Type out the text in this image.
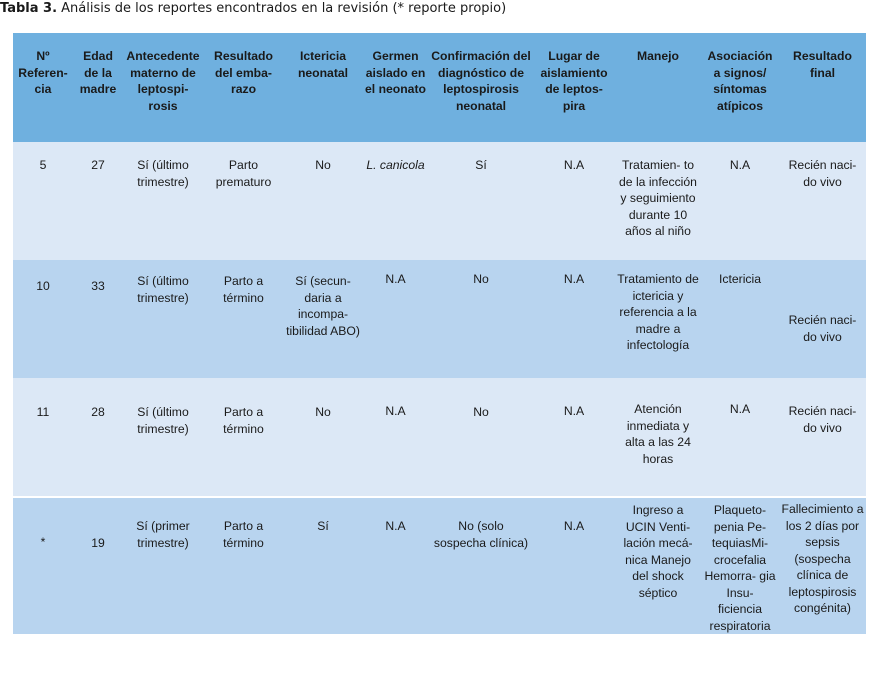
Tabla 3. Análisis de los reportes encontrados en la revisión (* reporte propio)
Nº Referen- cia	Edad de la madre	Antecedente materno de leptospi- rosis	Resultado del emba- razo	Ictericia neonatal	Germen aislado en el neonato	Confirmación del diagnóstico de leptospirosis neonatal	Lugar de aislamiento de leptos- pira	Manejo	Asociación a signos/ síntomas atípicos	Resultado final
5	27	Sí (último trimestre)	Parto prematuro	No	L. canicola	Sí	N.A	Tratamien- to de la infección y seguimiento durante 10 años al niño	N.A	Recién naci- do vivo
10	33	Sí (último trimestre)	Parto a término	Sí (secun- daria a incompa- tibilidad ABO)	N.A	No	N.A	Tratamiento de ictericia y referencia a la madre a infectología	Ictericia	Recién naci- do vivo
11	28	Sí (último trimestre)	Parto a término	No	N.A	No	N.A	Atención inmediata y alta a las 24 horas	N.A	Recién naci- do vivo
*	19	Sí (primer trimestre)	Parto a término	Sí	N.A	No (solo sospecha clínica)	N.A	Ingreso a UCIN Venti- lación mecá- nica Manejo del shock séptico	Plaqueto- penia Pe- tequiasMi- crocefalia Hemorra- gia Insu- ficiencia respiratoria	Fallecimiento a los 2 días por sepsis (sospecha clínica de leptospirosis congénita)
